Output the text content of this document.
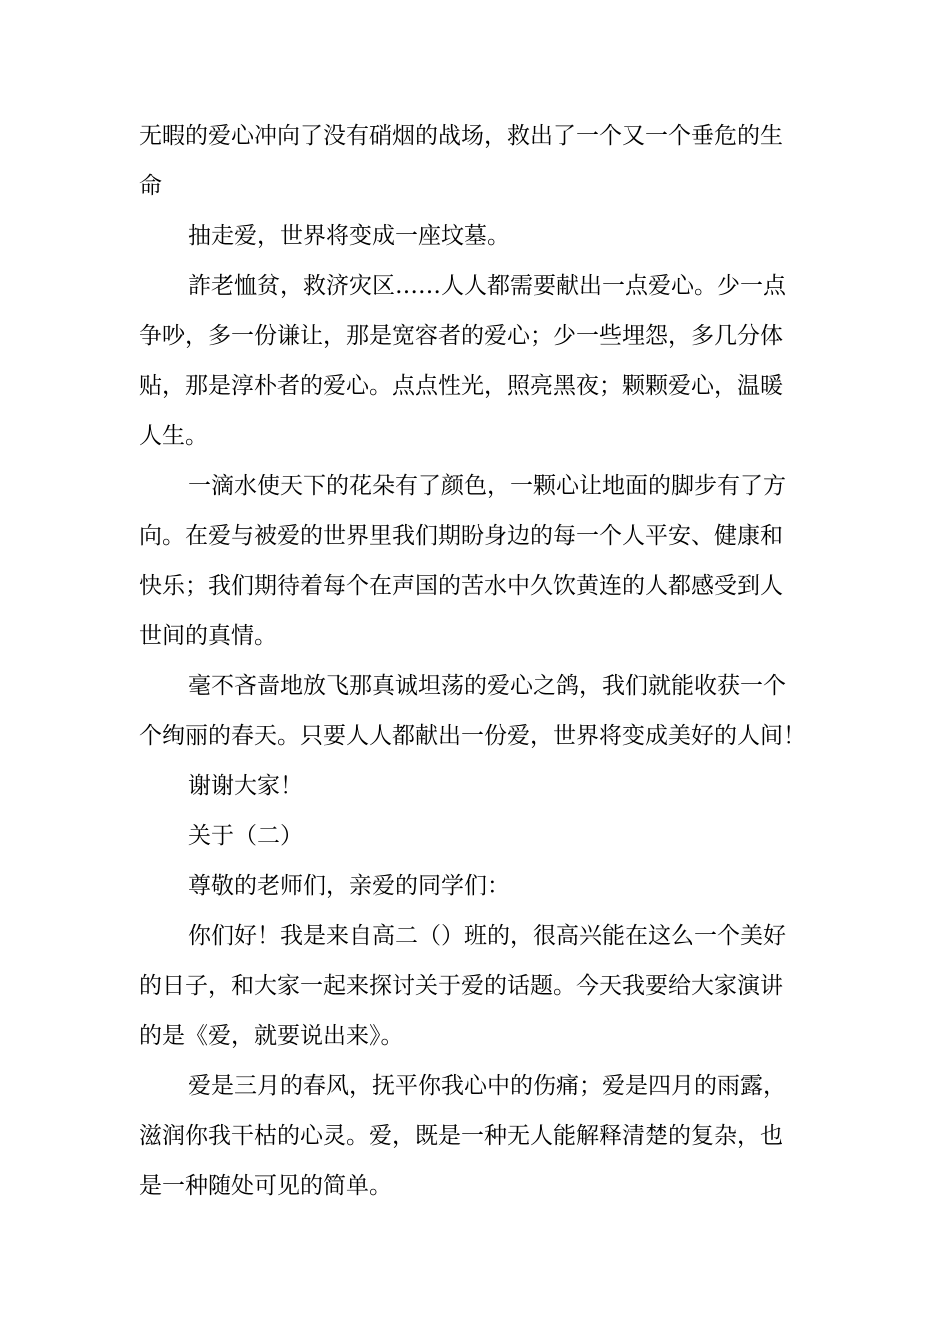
无暇的爱心冲向了没有硝烟的战场，救出了一个又一个垂危的生
命
抽走爱，世界将变成一座坟墓。
詐老恤贫，救济灾区……人人都需要献出一点爱心。少一点
争吵，多一份谦让，那是宽容者的爱心；少一些埋怨，多几分体
贴，那是淳朴者的爱心。点点性光，照亮黑夜；颗颗爱心，温暖
人生。
一滴水使天下的花朵有了颜色，一颗心让地面的脚步有了方
向。在爱与被爱的世界里我们期盼身边的每一个人平安、健康和
快乐；我们期待着每个在声国的苦水中久饮黄连的人都感受到人
世间的真情。
毫不吝啬地放飞那真诚坦荡的爱心之鸽，我们就能收获一个
个绚丽的春天。只要人人都献出一份爱，世界将变成美好的人间！
谢谢大家！
关于（二）
尊敬的老师们，亲爱的同学们：
你们好！我是来自高二（）班的，很高兴能在这么一个美好
的日子，和大家一起来探讨关于爱的话题。今天我要给大家演讲
的是《爱，就要说出来》。
爱是三月的春风，抚平你我心中的伤痛；爱是四月的雨露，
滋润你我干枯的心灵。爱，既是一种无人能解释清楚的复杂，也
是一种随处可见的简单。
